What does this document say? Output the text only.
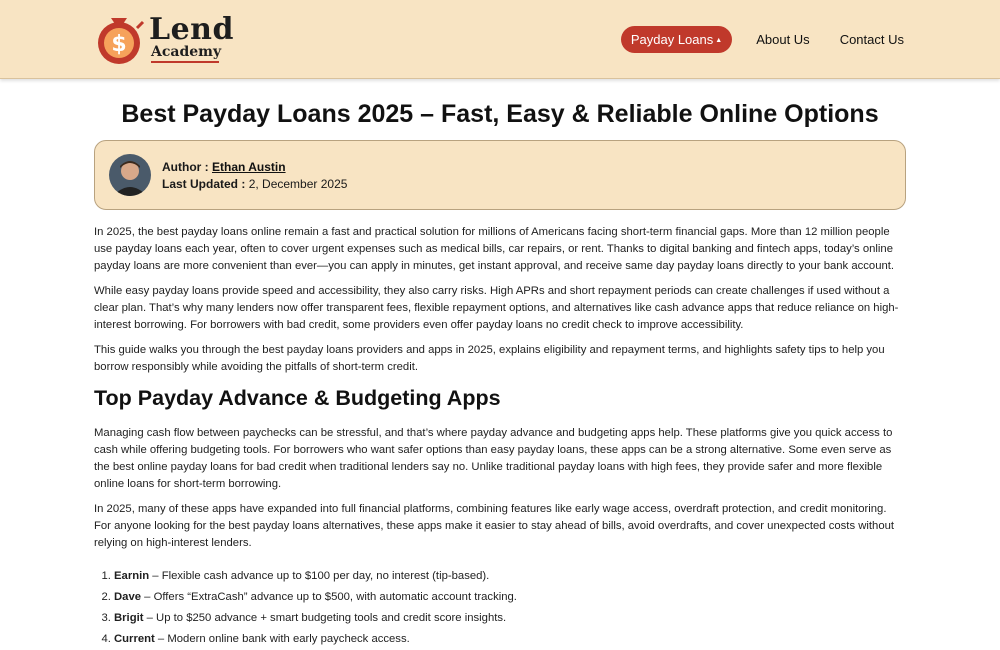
$ Lend
Academy
Payday Loans ▲	About Us	Contact Us
Best Payday Loans 2025 – Fast, Easy & Reliable Online Options
Author : Ethan Austin
Last Updated : 2, December 2025

In 2025, the best payday loans online remain a fast and practical solution for millions of Americans facing short-term financial gaps. More than 12 million people use payday loans each year, often to cover urgent expenses such as medical bills, car repairs, or rent. Thanks to digital banking and fintech apps, today’s online payday loans are more convenient than ever—you can apply in minutes, get instant approval, and receive same day payday loans directly to your bank account.

While easy payday loans provide speed and accessibility, they also carry risks. High APRs and short repayment periods can create challenges if used without a clear plan. That’s why many lenders now offer transparent fees, flexible repayment options, and alternatives like cash advance apps that reduce reliance on high-interest borrowing. For borrowers with bad credit, some providers even offer payday loans no credit check to improve accessibility.

This guide walks you through the best payday loans providers and apps in 2025, explains eligibility and repayment terms, and highlights safety tips to help you borrow responsibly while avoiding the pitfalls of short-term credit.

Top Payday Advance & Budgeting Apps

Managing cash flow between paychecks can be stressful, and that’s where payday advance and budgeting apps help. These platforms give you quick access to cash while offering budgeting tools. For borrowers who want safer options than easy payday loans, these apps can be a strong alternative. Some even serve as the best online payday loans for bad credit when traditional lenders say no. Unlike traditional payday loans with high fees, they provide safer and more flexible online loans for short-term borrowing.

In 2025, many of these apps have expanded into full financial platforms, combining features like early wage access, overdraft protection, and credit monitoring. For anyone looking for the best payday loans alternatives, these apps make it easier to stay ahead of bills, avoid overdrafts, and cover unexpected costs without relying on high-interest lenders.

1. Earnin – Flexible cash advance up to $100 per day, no interest (tip-based).
2. Dave – Offers “ExtraCash” advance up to $500, with automatic account tracking.
3. Brigit – Up to $250 advance + smart budgeting tools and credit score insights.
4. Current – Modern online bank with early paycheck access.
